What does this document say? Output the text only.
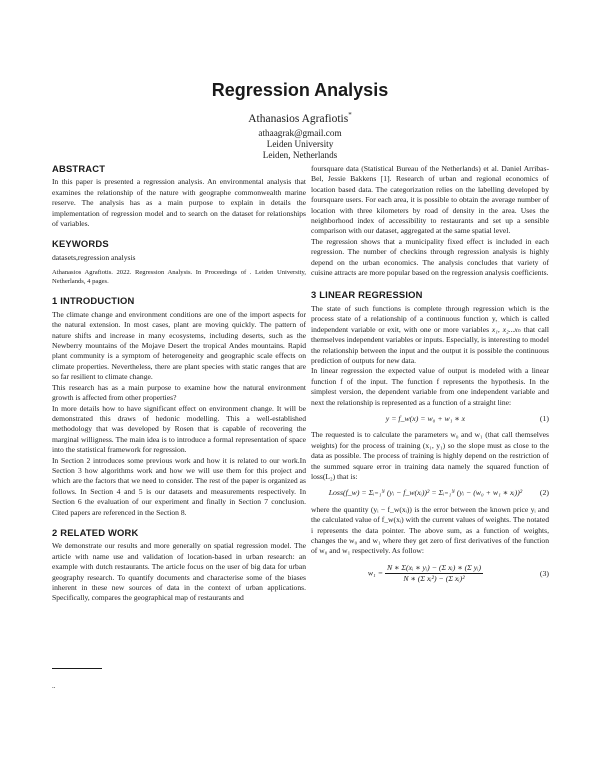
Regression Analysis
Athanasios Agrafiotis*
athaagrak@gmail.com
Leiden University
Leiden, Netherlands
ABSTRACT

In this paper is presented a regression analysis. An environmental analysis that examines the relationship of the nature with geographe commonwealth marine reserve. The analysis has as a main purpose to explain in details the implementation of regression model and to search on the dataset for relationships of variables.

KEYWORDS

datasets,regression analysis

Athanasios Agrafiotis. 2022. Regression Analysis. In Proceedings of . Leiden University, Netherlands, 4 pages.

1 INTRODUCTION

The climate change and environment conditions are one of the import aspects for the natural extension. In most cases, plant are moving quickly. The pattern of nature shifts and increase in many ecosystems, including deserts, such as the Newberry mountains of the Mojave Desert the tropical Andes mountains. Rapid plant community is a symptom of heterogeneity and geographic scale effects on climate properties. Nevertheless, there are plant species with static ranges that are so far resilient to climate change.

This research has as a main purpose to examine how the natural environment growth is affected from other properties?

In more details how to have significant effect on environment change. It will be demonstrated this draws of hedonic modelling. This a well-established methodology that was developed by Rosen that is capable of recovering the marginal willigness. The main idea is to introduce a formal representation of space into the statistical framework for regression.

In Section 2 introduces some previous work and how it is related to our work.In Section 3 how algorithms work and how we will use them for this project and which are the factors that we need to consider. The rest of the paper is organized as follows. In Section 4 and 5 is our datasets and measurements respectively. In Section 6 the evaluation of our experiment and finally in Section 7 conclusion. Cited papers are referenced in the Section 8.

2 RELATED WORK

We demonstrate our results and more generally on spatial regression model. The article with name use and validation of location-based in urban research: an example with dutch restaurants. The article focus on the user of big data for urban geography research. To quantify documents and characterise some of the biases inherent in these new sources of data in the context of urban applications. Specifically, compares the geographical map of restaurants and

..

foursquare data (Statistical Bureau of the Netherlands) et al. Daniel Arribas-Bel, Jessie Bakkens [1]. Research of urban and regional economics of location based data. The categorization relies on the labelling developed by foursquare users. For each area, it is possible to obtain the average number of location with three kilometers by road of density in the area. Uses the neighborhood index of accessibility to restaurants and set up a sensible comparison with our dataset, aggregated at the same spatial level.

The regression shows that a municipality fixed effect is included in each regression. The number of checkins through regression analysis is highly depend on the urban economics. The analysis concludes that variety of cuisine attracts are more popular based on the regression analysis coefficients.

3 LINEAR REGRESSION

The state of such functions is complete through regression which is the process state of a relationship of a continuous function y, which is called independent variable or exit, with one or more variables x₁, x₂...xₙ that call themselves independent variables or inputs. Especially, is interesting to model the relationship between the input and the output it is possible the continuous prediction of outputs for new data.

In linear regression the expected value of output is modeled with a linear function f of the input. The function f represents the hypothesis. In the simplest version, the dependent variable from one independent variable and next the relationship is represented as a function of a straight line:

y = f_w(x) = w₀ + w₁ ∗ x	(1)

The requested is to calculate the parameters w₀ and w₁ (that call themselves weights) for the process of training (x₁, y₁) so the slope must as close to the data as possible. The process of training is highly depend on the restriction of the summed square error in training data namely the squared function of loss(L₂) that is:

Loss(f_w) = Σᵢ₌₁ᴺ (yᵢ − f_w(xᵢ))² = Σᵢ₌₁ᴺ (yᵢ − (w₀ + w₁ ∗ xᵢ))²	(2)

where the quantity (yᵢ − f_w(xᵢ)) is the error between the known price yᵢ and the calculated value of f_w(xᵢ) with the current values of weights. The notated i represents the data pointer. The above sum, as a function of weights, changes the w₀ and w₁ where they get zero of first derivatives of the function of w₀ and w₁ respectively. As follow:

$w_1 = \frac{\text{N ∗ Σ(xᵢ ∗ yᵢ) − (Σ xᵢ) ∗ (Σ yᵢ)}}{\text{N ∗ (Σ xᵢ²) − (Σ xᵢ)²}}$	(3)
